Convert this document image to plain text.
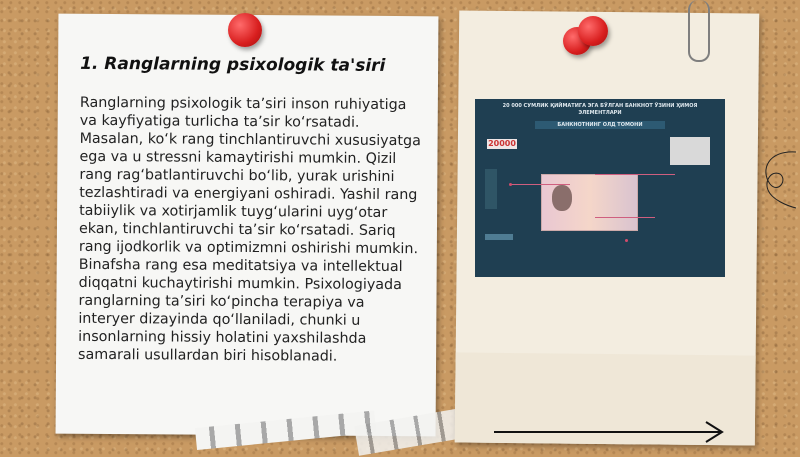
1. Ranglarning psixologik ta'siri
Ranglarning psixologik ta’siri inson ruhiyatiga va kayfiyatiga turlicha ta’sir ko‘rsatadi. Masalan, ko‘k rang tinchlantiruvchi xususiyatga ega va u stressni kamaytirishi mumkin. Qizil rang rag‘batlantiruvchi bo‘lib, yurak urishini tezlashtiradi va energiyani oshiradi. Yashil rang tabiiylik va xotirjamlik tuyg‘ularini uyg‘otar ekan, tinchlantiruvchi ta’sir ko‘rsatadi. Sariq rang ijodkorlik va optimizmni oshirishi mumkin. Binafsha rang esa meditatsiya va intellektual diqqatni kuchaytirishi mumkin. Psixologiyada ranglarning ta’siri ko‘pincha terapiya va interyer dizayinda qo‘llaniladi, chunki u insonlarning hissiy holatini yaxshilashda samarali usullardan biri hisoblanadi.
20 000 СУМЛИК ҚИЙМАТИГА ЭГА БЎЛГАН БАНКНОТ ЎЗИНИ ҲИМОЯ ЭЛЕМЕНТЛАРИ
БАНКНОТНИНГ ОЛД ТОМОНИ
20000
